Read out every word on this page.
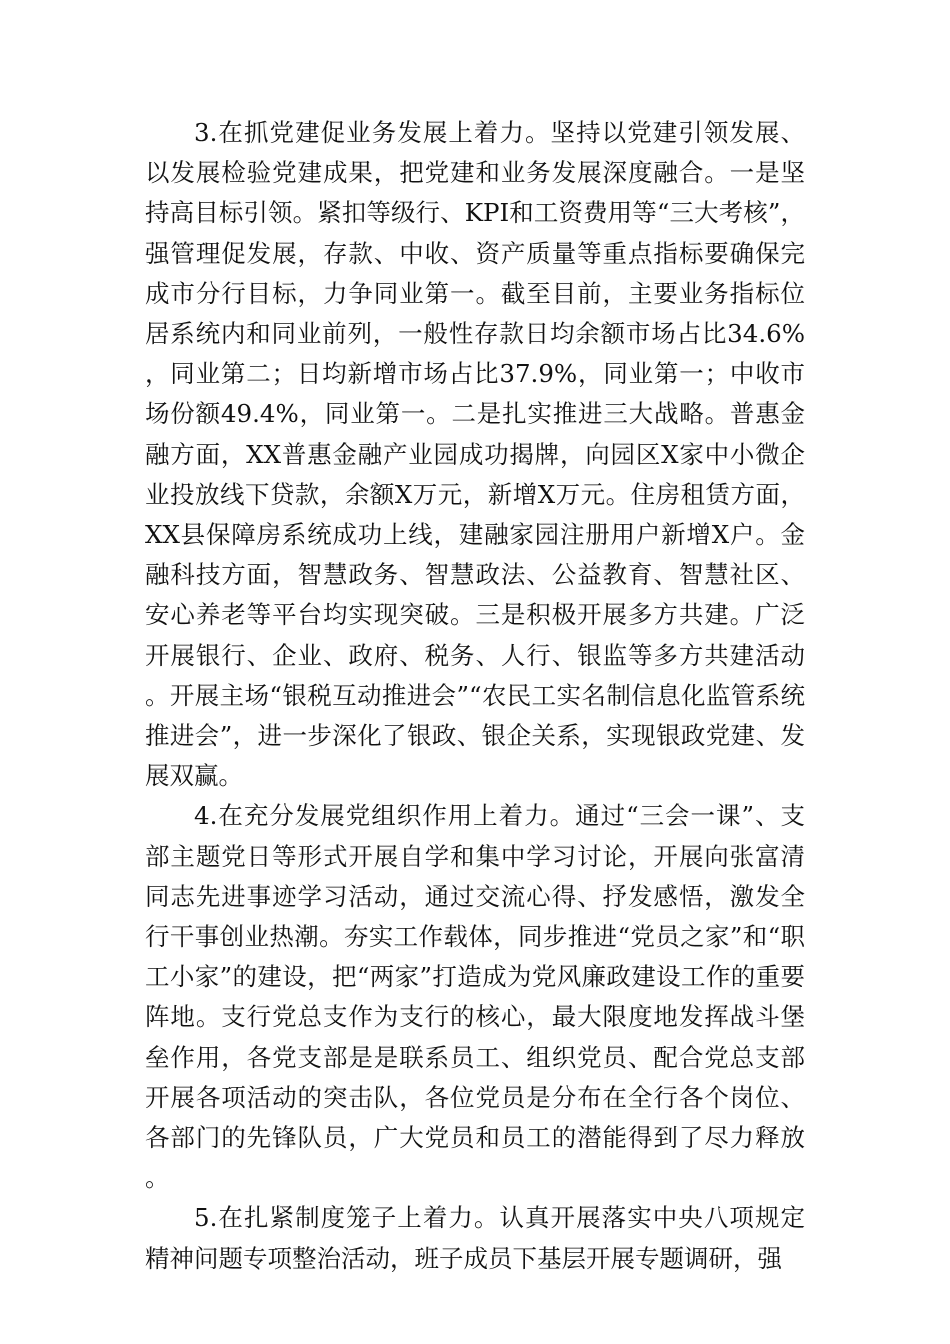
3.在抓党建促业务发展上着力。坚持以党建引领发展、以发展检验党建成果，把党建和业务发展深度融合。一是坚持高目标引领。紧扣等级行、KPI和工资费用等“三大考核”，强管理促发展，存款、中收、资产质量等重点指标要确保完成市分行目标，力争同业第一。截至目前，主要业务指标位居系统内和同业前列，一般性存款日均余额市场占比34.6%，同业第二；日均新增市场占比37.9%，同业第一；中收市场份额49.4%，同业第一。二是扎实推进三大战略。普惠金融方面，XX普惠金融产业园成功揭牌，向园区X家中小微企业投放线下贷款，余额X万元，新增X万元。住房租赁方面，XX县保障房系统成功上线，建融家园注册用户新增X户。金融科技方面，智慧政务、智慧政法、公益教育、智慧社区、安心养老等平台均实现突破。三是积极开展多方共建。广泛开展银行、企业、政府、税务、人行、银监等多方共建活动。开展主场“银税互动推进会”“农民工实名制信息化监管系统推进会”，进一步深化了银政、银企关系，实现银政党建、发展双赢。

4.在充分发展党组织作用上着力。通过“三会一课”、支部主题党日等形式开展自学和集中学习讨论，开展向张富清同志先进事迹学习活动，通过交流心得、抒发感悟，激发全行干事创业热潮。夯实工作载体，同步推进“党员之家”和“职工小家”的建设，把“两家”打造成为党风廉政建设工作的重要阵地。支行党总支作为支行的核心，最大限度地发挥战斗堡垒作用，各党支部是是联系员工、组织党员、配合党总支部开展各项活动的突击队，各位党员是分布在全行各个岗位、各部门的先锋队员，广大党员和员工的潜能得到了尽力释放。

5.在扎紧制度笼子上着力。认真开展落实中央八项规定精神问题专项整治活动，班子成员下基层开展专题调研，强
